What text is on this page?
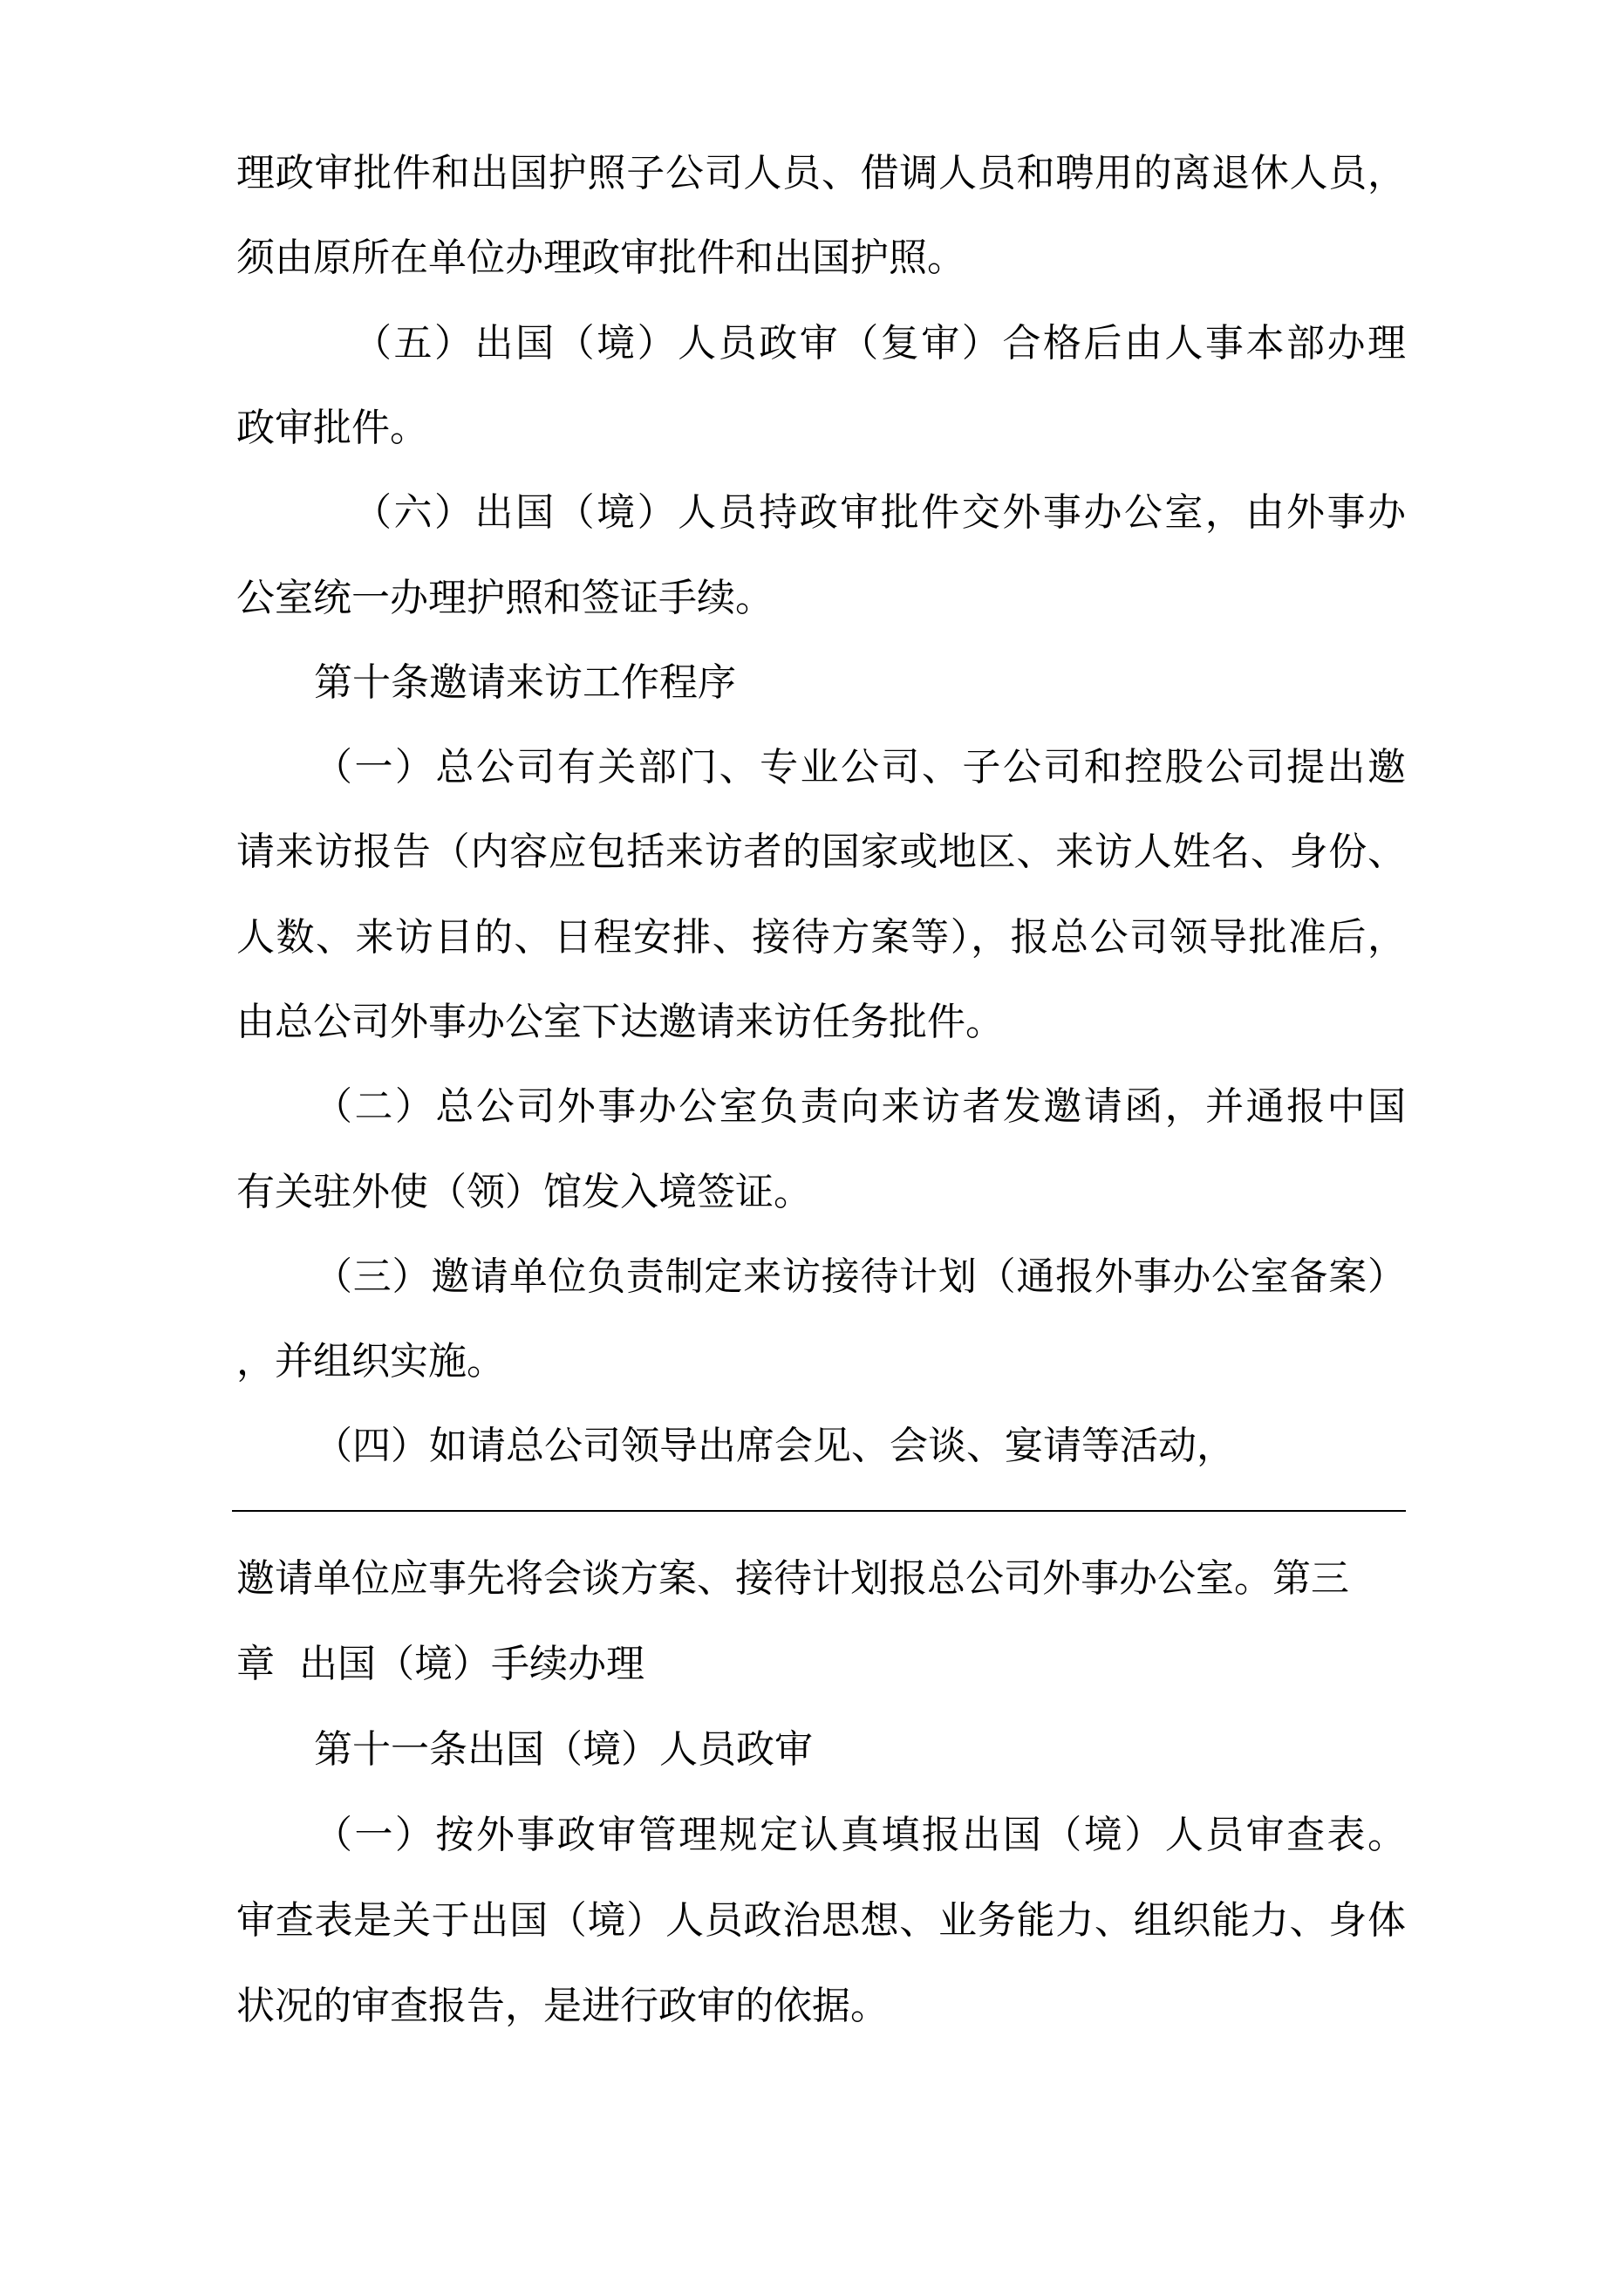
理政审批件和出国护照子公司人员、借调人员和聘用的离退休人员，
须由原所在单位办理政审批件和出国护照。
（五）出国（境）人员政审（复审）合格后由人事本部办理
政审批件。
（六）出国（境）人员持政审批件交外事办公室，由外事办
公室统一办理护照和签证手续。
第十条邀请来访工作程序
（一）总公司有关部门、专业公司、子公司和控股公司提出邀
请来访报告（内容应包括来访者的国家或地区、来访人姓名、身份、
人数、来访目的、日程安排、接待方案等），报总公司领导批准后，
由总公司外事办公室下达邀请来访任务批件。
（二）总公司外事办公室负责向来访者发邀请函，并通报中国
有关驻外使（领）馆发入境签证。
（三）邀请单位负责制定来访接待计划（通报外事办公室备案）
，并组织实施。
（四）如请总公司领导出席会见、会谈、宴请等活动，
邀请单位应事先将会谈方案、接待计划报总公司外事办公室。第三
章  出国（境）手续办理
第十一条出国（境）人员政审
（一）按外事政审管理规定认真填报出国（境）人员审查表。
审查表是关于出国（境）人员政治思想、业务能力、组织能力、身体
状况的审查报告，是进行政审的依据。
